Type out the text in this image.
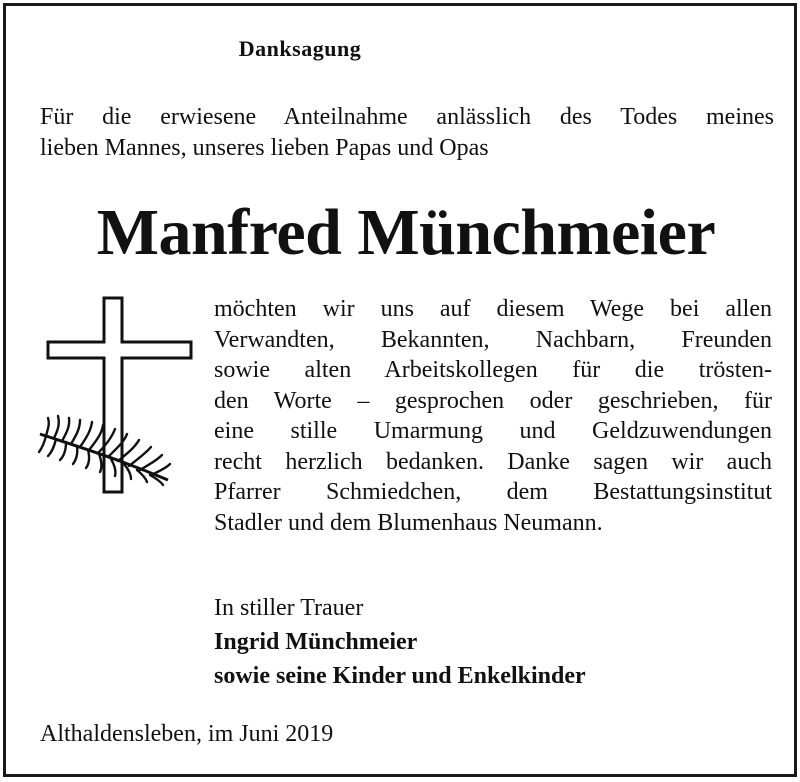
Danksagung
Für die erwiesene Anteilnahme anlässlich des Todes meines
lieben Mannes, unseres lieben Papas und Opas
Manfred Münchmeier
möchten wir uns auf diesem Wege bei allen
Verwandten, Bekannten, Nachbarn, Freunden
sowie alten Arbeitskollegen für die trösten-
den Worte – gesprochen oder geschrieben, für
eine stille Umarmung und Geldzuwendungen
recht herzlich bedanken. Danke sagen wir auch
Pfarrer Schmiedchen, dem Bestattungsinstitut
Stadler und dem Blumenhaus Neumann.
In stiller Trauer
Ingrid Münchmeier
sowie seine Kinder und Enkelkinder
Althaldensleben, im Juni 2019
